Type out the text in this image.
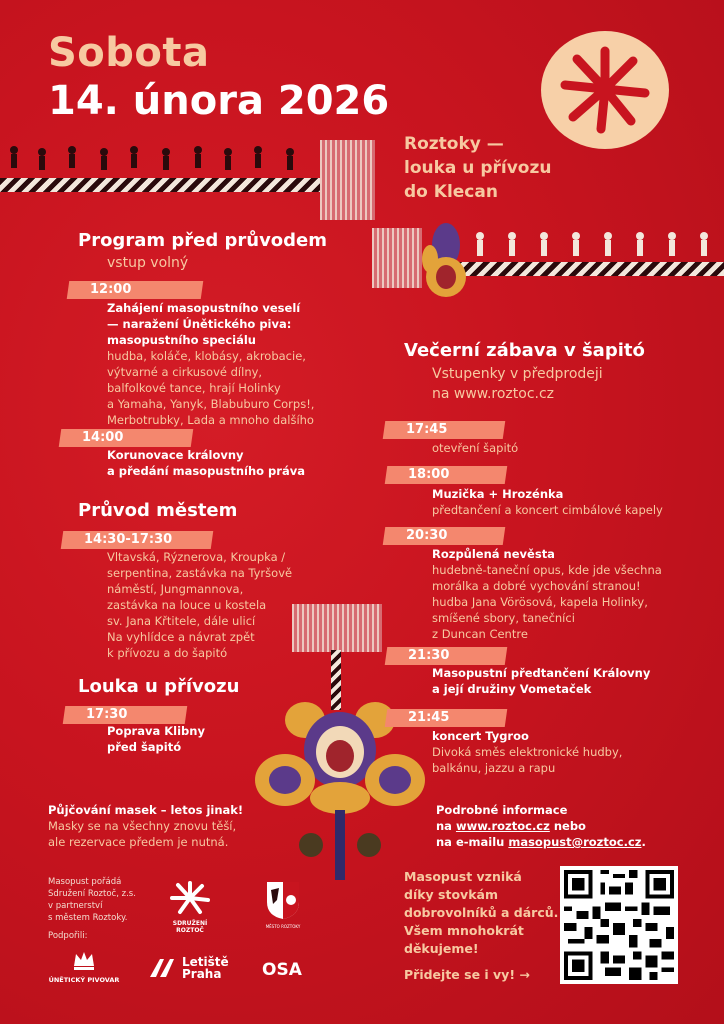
Sobota
14. února 2026
Roztoky —
louka u přívozu
do Klecan
Program před průvodem
vstup volný
12:00
Zahájení masopustního veselí
— naražení Únětického piva:
masopustního speciálu
hudba, koláče, klobásy, akrobacie,
výtvarné a cirkusové dílny,
balfolkové tance, hrají Holinky
a Yamaha, Yanyk, Blabuburo Corps!,
Merbotrubky, Lada a mnoho dalšího
14:00
Korunovace královny
a předání masopustního práva
Průvod městem
14:30-17:30
Vltavská, Rýznerova, Kroupka /
serpentina, zastávka na Tyršově
náměstí, Jungmannova,
zastávka na louce u kostela
sv. Jana Křtitele, dále ulicí
Na vyhlídce a návrat zpět
k přívozu a do šapitó
Louka u přívozu
17:30
Poprava Klibny
před šapitó
Večerní zábava v šapitó
Vstupenky v předprodeji
na www.roztoc.cz
17:45
otevření šapitó
18:00
Muzička + Hrozénka
předtančení a koncert cimbálové kapely
20:30
Rozpůlená nevěsta
hudebně-taneční opus, kde jde všechna
morálka a dobré vychování stranou!
hudba Jana Vörösová, kapela Holinky,
smíšené sbory, tanečníci
z Duncan Centre
21:30
Masopustní předtančení Královny
a její družiny Vometaček
21:45
koncert Tygroo
Divoká směs elektronické hudby,
balkánu, jazzu a rapu
Půjčování masek – letos jinak!
Masky se na všechny znovu těší,
ale rezervace předem je nutná.
Podrobné informace
na www.roztoc.cz nebo
na e-mailu masopust@roztoc.cz.
Masopust pořádá
Sdružení Roztoč, z.s.
v partnerství
s městem Roztoky.
Podpořili:
SDRUŽENÍ
ROZTOČ
MĚSTO ROZTOKY
ÚNĚTICKÝ PIVOVAR
Letiště
Praha	OSA
Masopust vzniká
díky stovkám
dobrovolníků a dárců.
Všem mnohokrát
děkujeme!
Přidejte se i vy! →
